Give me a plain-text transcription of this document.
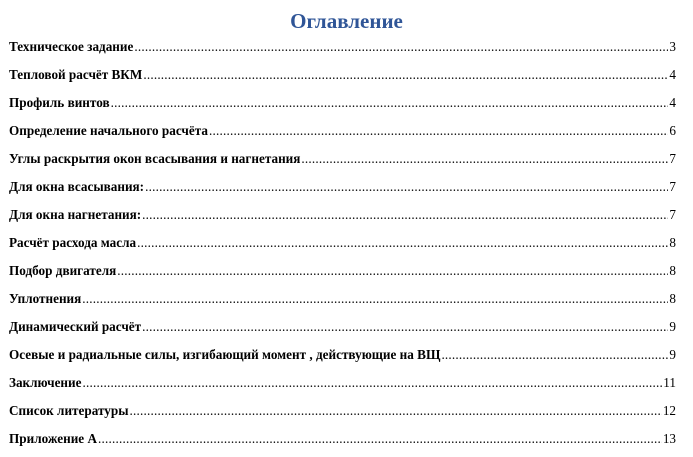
Оглавление
Техническое задание .....	3
Тепловой расчёт ВКМ .....	4
Профиль винтов .....	4
Определение начального расчёта .....	6
Углы раскрытия окон всасывания и нагнетания .....	7
Для окна всасывания: .....	7
Для окна нагнетания: .....	7
Расчёт расхода масла .....	8
Подбор двигателя .....	8
Уплотнения .....	8
Динамический расчёт .....	9
Осевые и радиальные силы, изгибающий момент , действующие на ВЩ .....	9
Заключение .....	11
Список литературы .....	12
Приложение А .....	13
